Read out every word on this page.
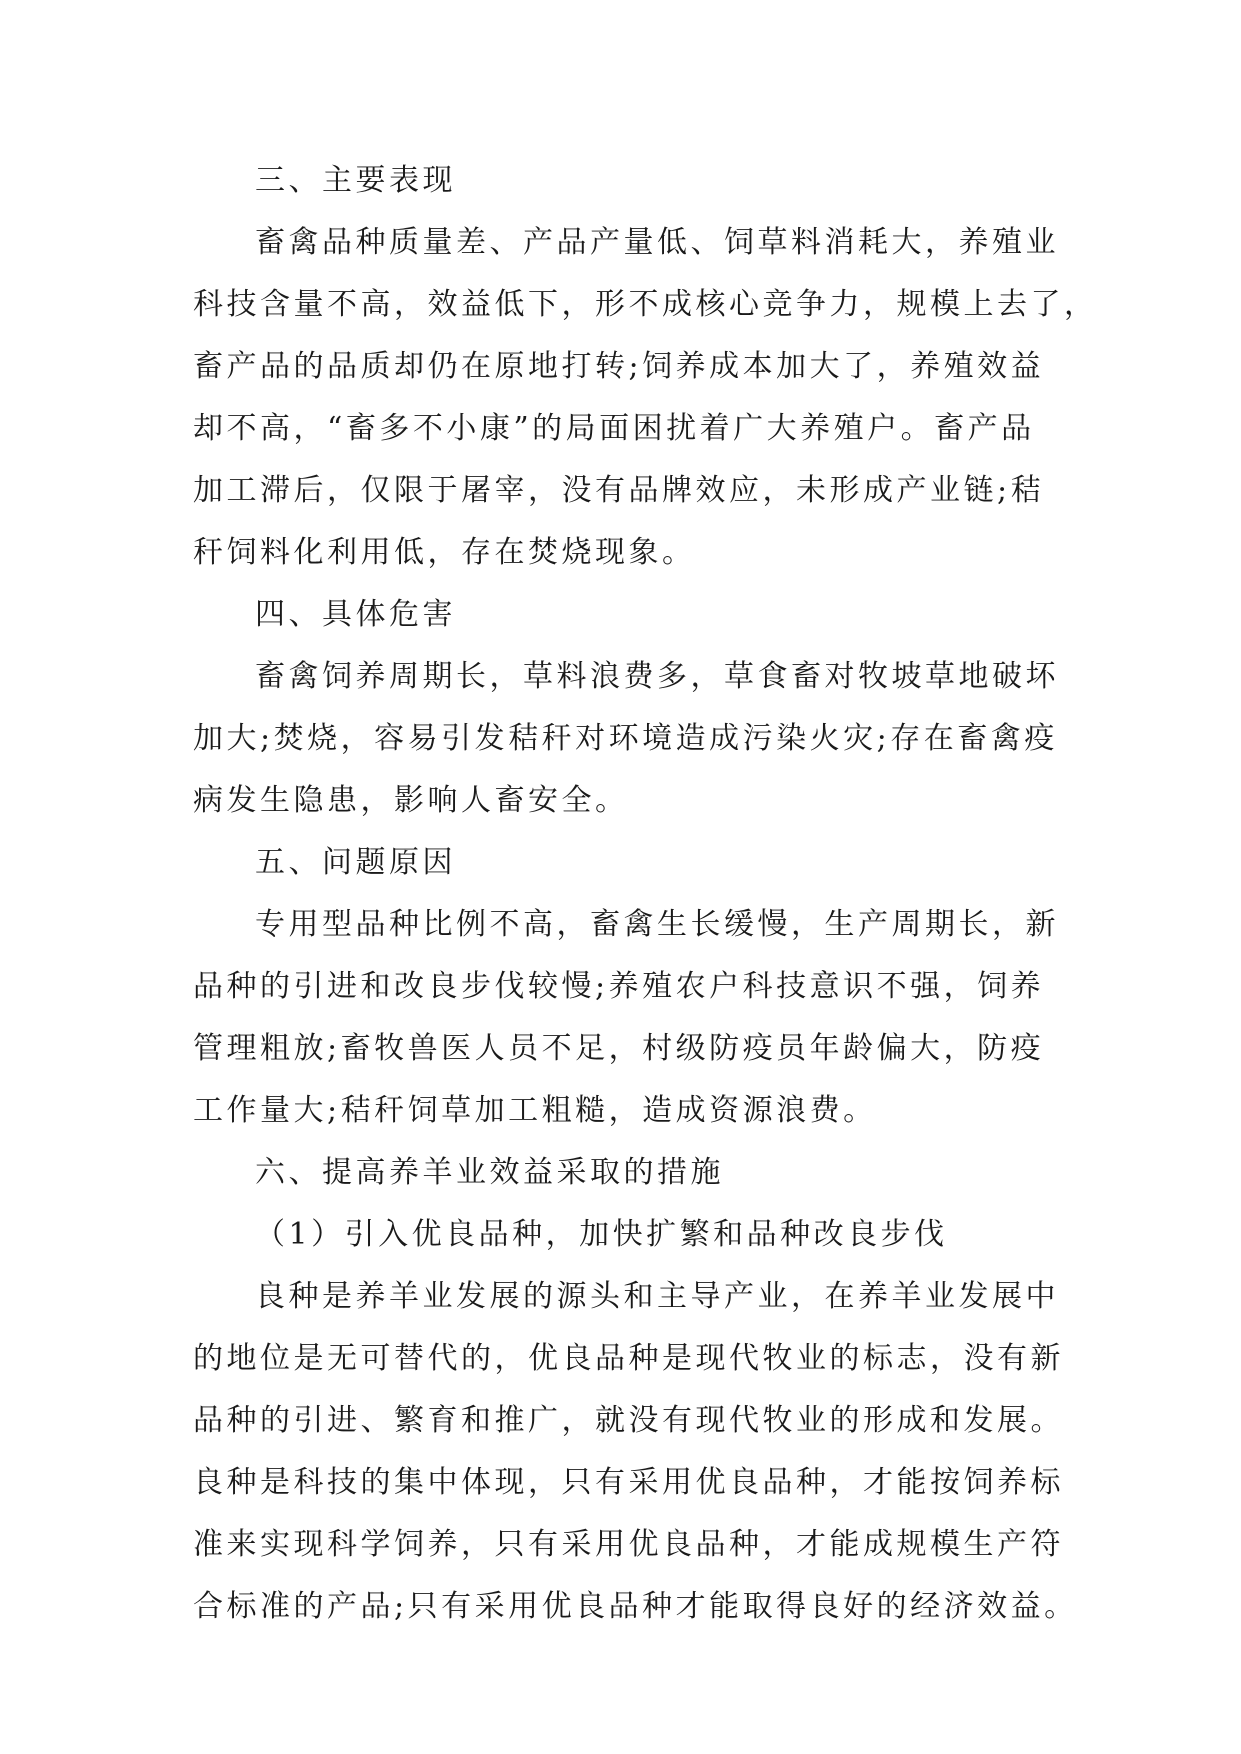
三、主要表现
畜禽品种质量差、产品产量低、饲草料消耗大，养殖业
科技含量不高，效益低下，形不成核心竞争力，规模上去了，
畜产品的品质却仍在原地打转;饲养成本加大了，养殖效益
却不高，“畜多不小康”的局面困扰着广大养殖户。畜产品
加工滞后，仅限于屠宰，没有品牌效应，未形成产业链;秸
秆饲料化利用低，存在焚烧现象。
四、具体危害
畜禽饲养周期长，草料浪费多，草食畜对牧坡草地破坏
加大;焚烧，容易引发秸秆对环境造成污染火灾;存在畜禽疫
病发生隐患，影响人畜安全。
五、问题原因
专用型品种比例不高，畜禽生长缓慢，生产周期长，新
品种的引进和改良步伐较慢;养殖农户科技意识不强，饲养
管理粗放;畜牧兽医人员不足，村级防疫员年龄偏大，防疫
工作量大;秸秆饲草加工粗糙，造成资源浪费。
六、提高养羊业效益采取的措施
（1）引入优良品种，加快扩繁和品种改良步伐
良种是养羊业发展的源头和主导产业，在养羊业发展中
的地位是无可替代的，优良品种是现代牧业的标志，没有新
品种的引进、繁育和推广，就没有现代牧业的形成和发展。
良种是科技的集中体现，只有采用优良品种，才能按饲养标
准来实现科学饲养，只有采用优良品种，才能成规模生产符
合标准的产品;只有采用优良品种才能取得良好的经济效益。
